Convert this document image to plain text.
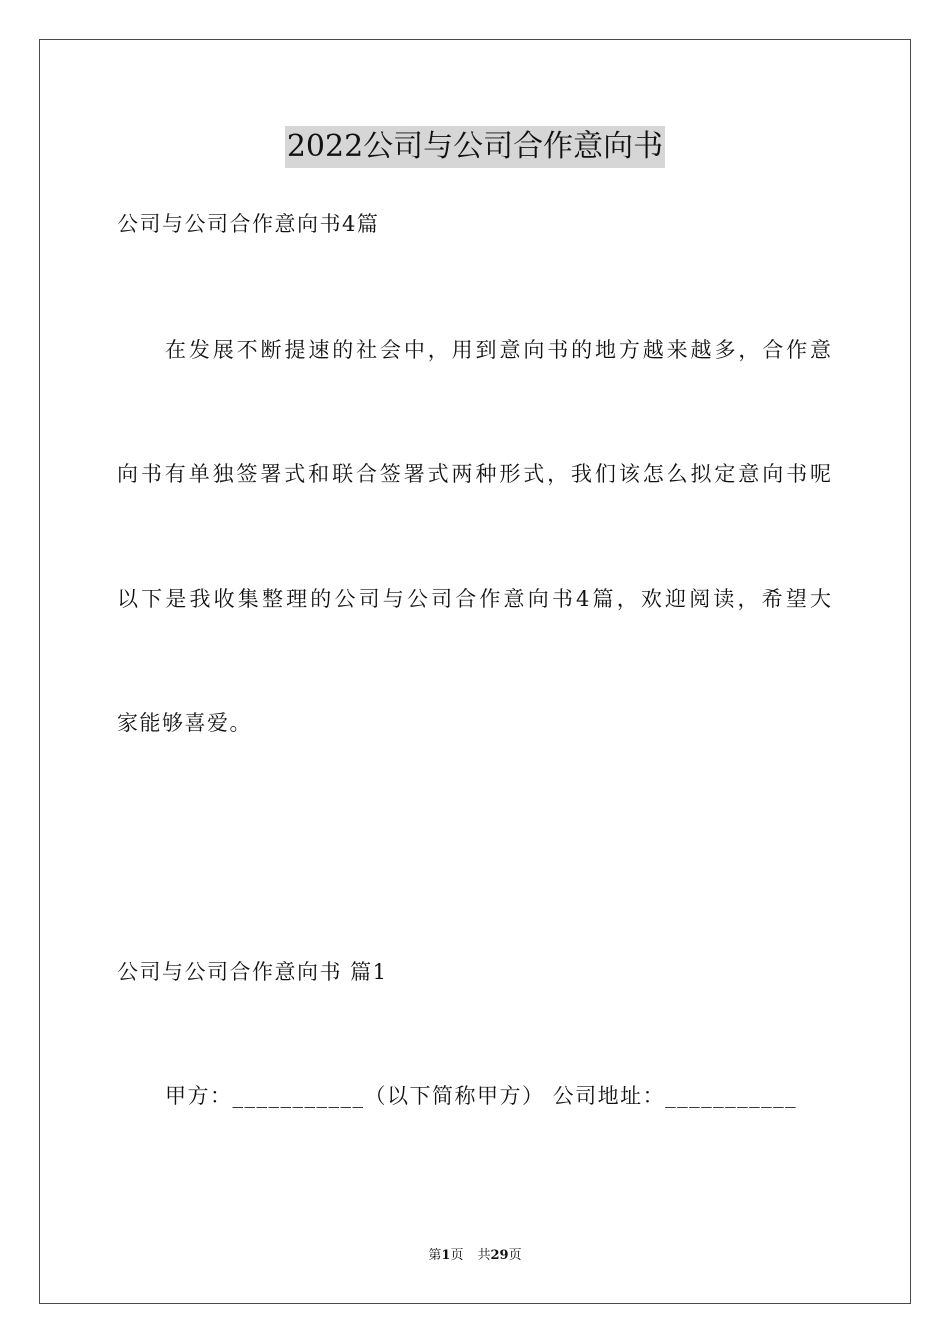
2022公司与公司合作意向书
公司与公司合作意向书4篇
在发展不断提速的社会中，用到意向书的地方越来越多，合作意
向书有单独签署式和联合签署式两种形式，我们该怎么拟定意向书呢
以下是我收集整理的公司与公司合作意向书4篇，欢迎阅读，希望大
家能够喜爱。
公司与公司合作意向书 篇1
甲方：___________（以下简称甲方） 公司地址：___________
第1页 共29页
